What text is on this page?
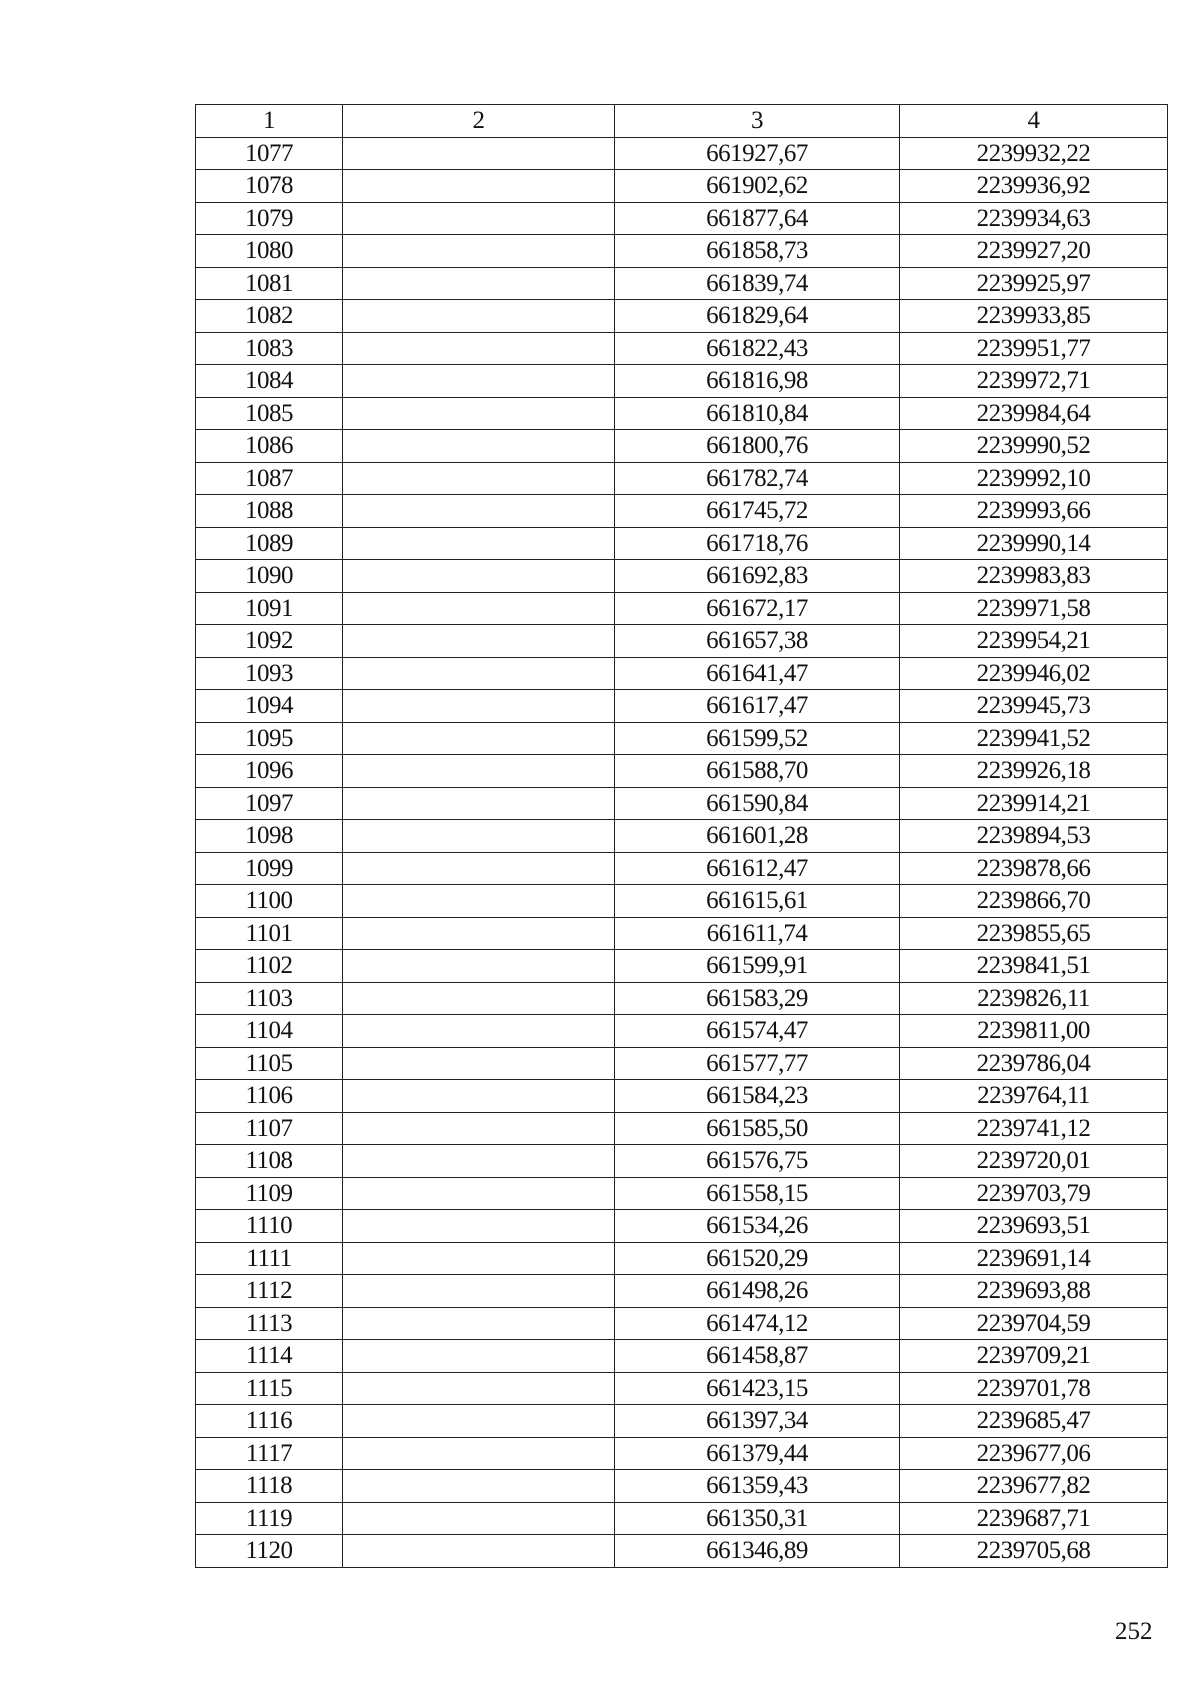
1	2	3	4
1077		661927,67	2239932,22
1078		661902,62	2239936,92
1079		661877,64	2239934,63
1080		661858,73	2239927,20
1081		661839,74	2239925,97
1082		661829,64	2239933,85
1083		661822,43	2239951,77
1084		661816,98	2239972,71
1085		661810,84	2239984,64
1086		661800,76	2239990,52
1087		661782,74	2239992,10
1088		661745,72	2239993,66
1089		661718,76	2239990,14
1090		661692,83	2239983,83
1091		661672,17	2239971,58
1092		661657,38	2239954,21
1093		661641,47	2239946,02
1094		661617,47	2239945,73
1095		661599,52	2239941,52
1096		661588,70	2239926,18
1097		661590,84	2239914,21
1098		661601,28	2239894,53
1099		661612,47	2239878,66
1100		661615,61	2239866,70
1101		661611,74	2239855,65
1102		661599,91	2239841,51
1103		661583,29	2239826,11
1104		661574,47	2239811,00
1105		661577,77	2239786,04
1106		661584,23	2239764,11
1107		661585,50	2239741,12
1108		661576,75	2239720,01
1109		661558,15	2239703,79
1110		661534,26	2239693,51
1111		661520,29	2239691,14
1112		661498,26	2239693,88
1113		661474,12	2239704,59
1114		661458,87	2239709,21
1115		661423,15	2239701,78
1116		661397,34	2239685,47
1117		661379,44	2239677,06
1118		661359,43	2239677,82
1119		661350,31	2239687,71
1120		661346,89	2239705,68
252
